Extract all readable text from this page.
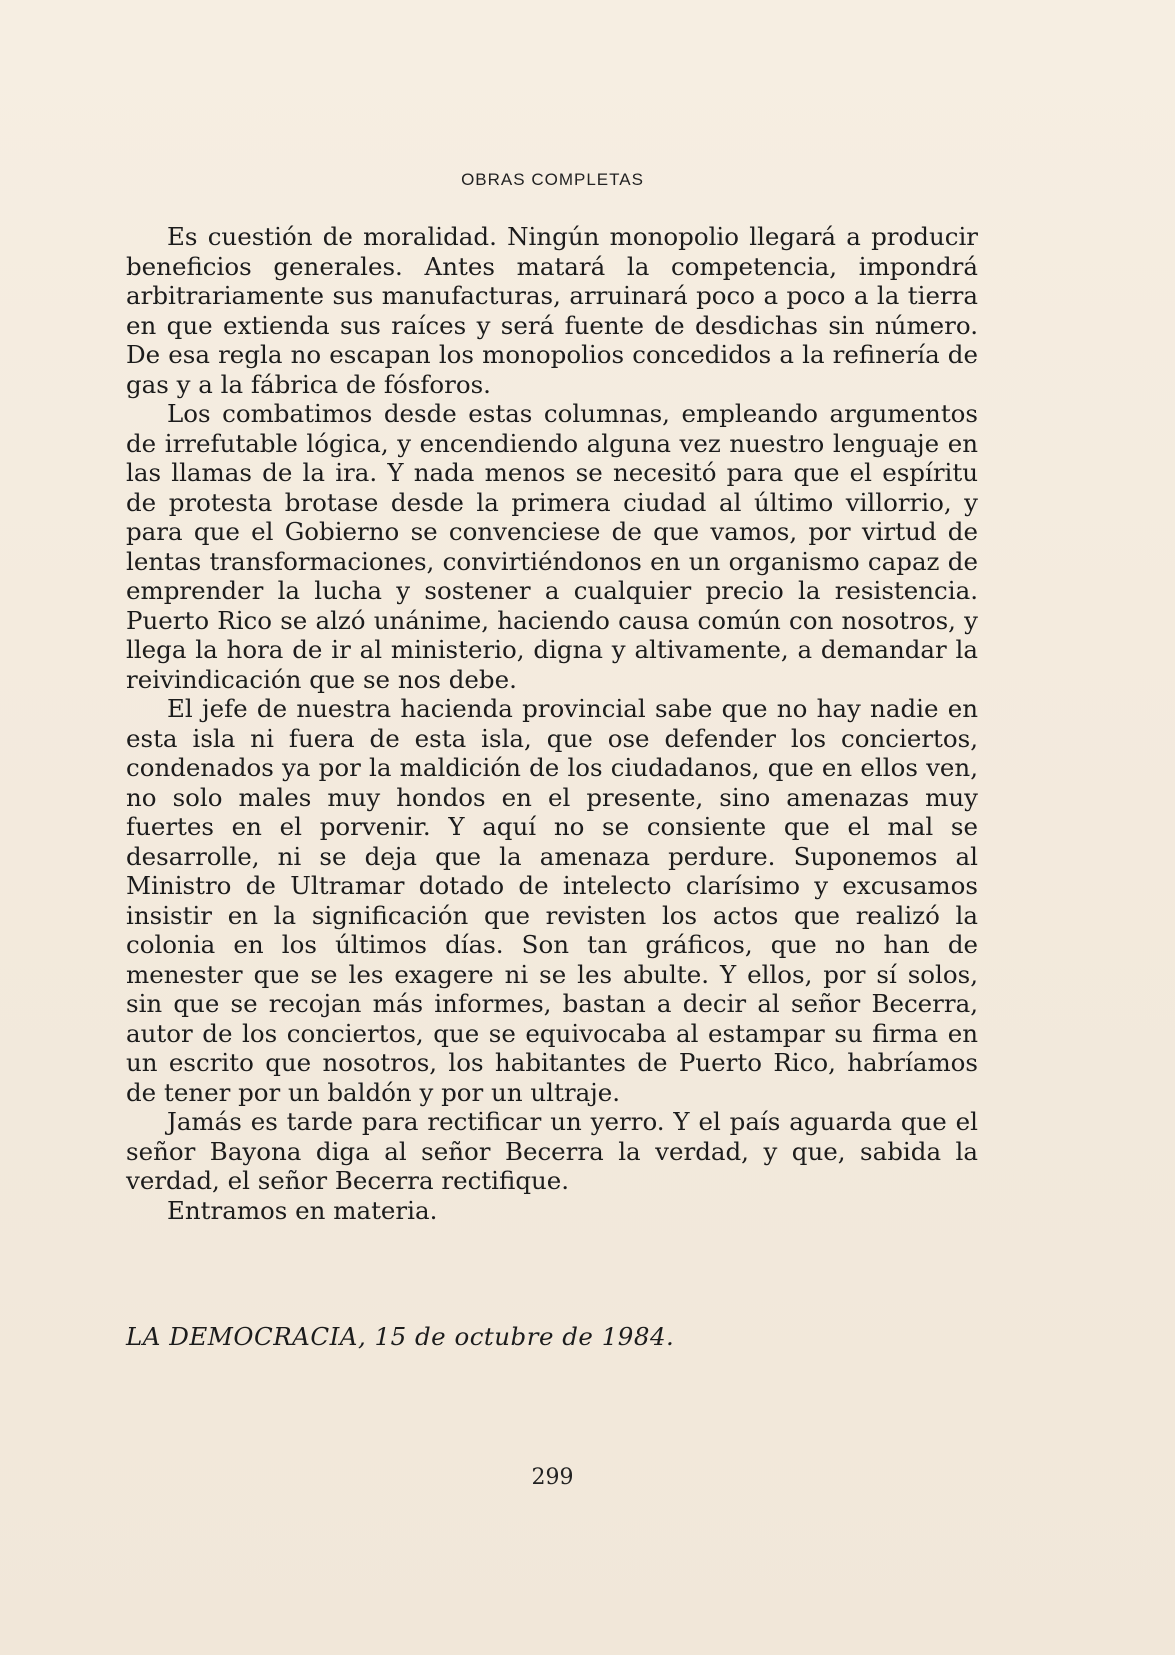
OBRAS COMPLETAS

Es cuestión de moralidad. Ningún monopolio llegará a producir beneficios generales. Antes matará la competencia, impondrá arbitrariamente sus manufacturas, arruinará poco a poco a la tierra en que extienda sus raíces y será fuente de desdichas sin número. De esa regla no escapan los monopolios concedidos a la refinería de gas y a la fábrica de fósforos.

Los combatimos desde estas columnas, empleando argumentos de irrefutable lógica, y encendiendo alguna vez nuestro lenguaje en las llamas de la ira. Y nada menos se necesitó para que el espíritu de protesta brotase desde la primera ciudad al último villorrio, y para que el Gobierno se convenciese de que vamos, por virtud de lentas transformaciones, convirtiéndonos en un organismo capaz de emprender la lucha y sostener a cualquier precio la resistencia. Puerto Rico se alzó unánime, haciendo causa común con nosotros, y llega la hora de ir al ministerio, digna y altivamente, a demandar la reivindicación que se nos debe.

El jefe de nuestra hacienda provincial sabe que no hay nadie en esta isla ni fuera de esta isla, que ose defender los conciertos, condenados ya por la maldición de los ciudadanos, que en ellos ven, no solo males muy hondos en el presente, sino amenazas muy fuertes en el porvenir. Y aquí no se consiente que el mal se desarrolle, ni se deja que la amenaza perdure. Suponemos al Ministro de Ultramar dotado de intelecto clarísimo y excusamos insistir en la significación que revisten los actos que realizó la colonia en los últimos días. Son tan gráficos, que no han de menester que se les exagere ni se les abulte. Y ellos, por sí solos, sin que se recojan más informes, bastan a decir al señor Becerra, autor de los conciertos, que se equivocaba al estampar su firma en un escrito que nosotros, los habitantes de Puerto Rico, habríamos de tener por un baldón y por un ultraje.

Jamás es tarde para rectificar un yerro. Y el país aguarda que el señor Bayona diga al señor Becerra la verdad, y que, sabida la verdad, el señor Becerra rectifique.

Entramos en materia.

LA DEMOCRACIA, 15 de octubre de 1984.
299
